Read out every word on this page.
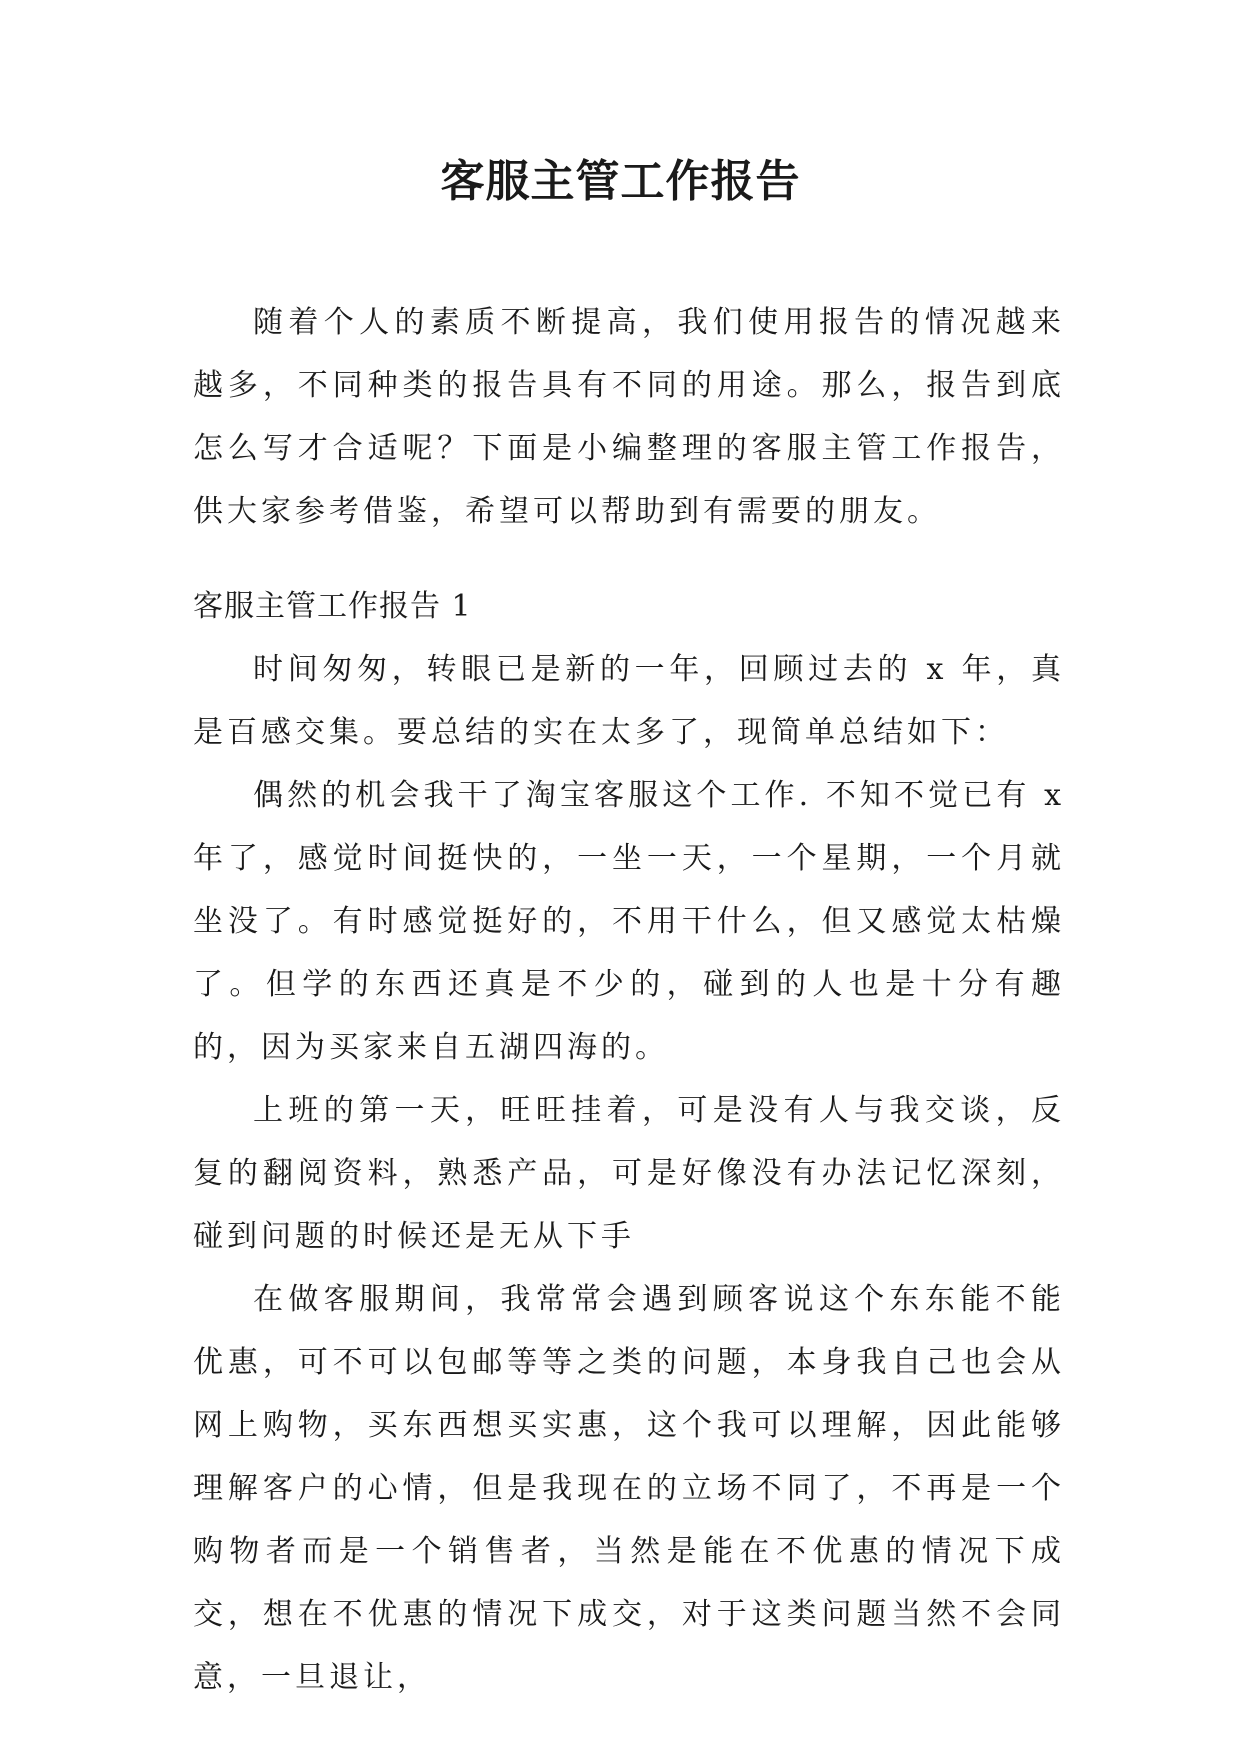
客服主管工作报告

随着个人的素质不断提高，我们使用报告的情况越来越多，不同种类的报告具有不同的用途。那么，报告到底怎么写才合适呢？下面是小编整理的客服主管工作报告，供大家参考借鉴，希望可以帮助到有需要的朋友。

客服主管工作报告 1

时间匆匆，转眼已是新的一年，回顾过去的 x 年，真是百感交集。要总结的实在太多了，现简单总结如下：

偶然的机会我干了淘宝客服这个工作. 不知不觉已有 x 年了，感觉时间挺快的，一坐一天，一个星期，一个月就坐没了。有时感觉挺好的，不用干什么，但又感觉太枯燥了。但学的东西还真是不少的，碰到的人也是十分有趣的，因为买家来自五湖四海的。

上班的第一天，旺旺挂着，可是没有人与我交谈，反复的翻阅资料，熟悉产品，可是好像没有办法记忆深刻，碰到问题的时候还是无从下手

在做客服期间，我常常会遇到顾客说这个东东能不能优惠，可不可以包邮等等之类的问题，本身我自己也会从网上购物，买东西想买实惠，这个我可以理解，因此能够理解客户的心情，但是我现在的立场不同了，不再是一个购物者而是一个销售者，当然是能在不优惠的情况下成交，想在不优惠的情况下成交，对于这类问题当然不会同意，一旦退让，
